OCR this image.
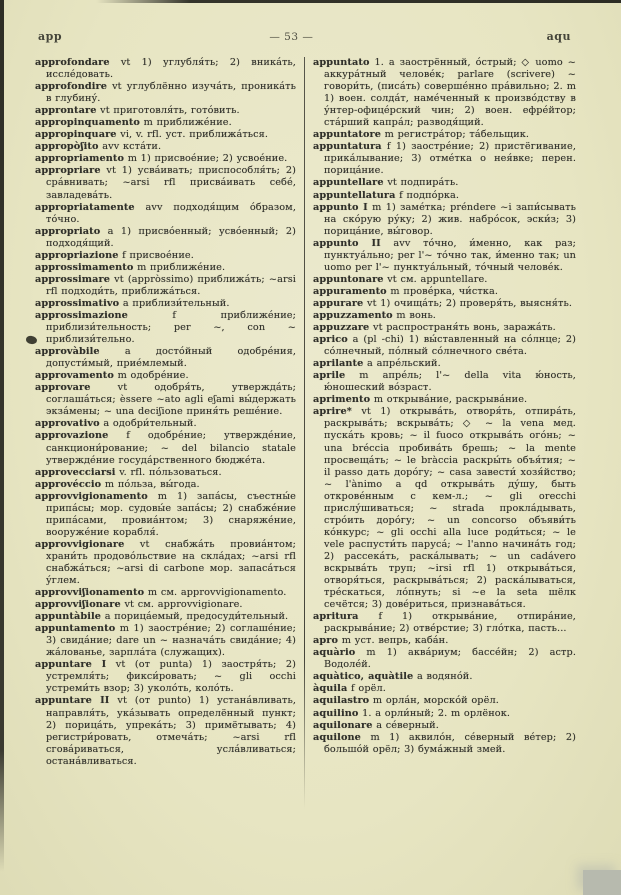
app	— 53 —	aqu

approfondare vt 1) углубля́ть; 2) вника́ть, иссле́довать.

approfondire vt углублённо изуча́ть, проника́ть в глубину́.

approntare vt приготовля́ть, гото́вить.

appropinquamento m приближе́ние.

appropinquare vi, v. rfl. уст. приближа́ться.

appropòʃito avv кста́ти.

appropriamento m 1) присвое́ние; 2) усвое́ние.

appropriare vt 1) усва́ивать; приспособля́ть; 2) сра́внивать; ~arsi rfl присва́ивать себе́, завладева́ть.

appropriatamente avv подходя́щим о́бразом, то́чно.

appropriato a 1) присво́енный; усво́енный; 2) подходя́щий.

appropriazione f присвое́ние.

approssimamento m приближе́ние.

approssimare vt (appròssimo) приближа́ть; ~arsi rfl подходи́ть, приближа́ться.

approssimativo a приблизи́тельный.

approssimazione f приближе́ние; приблизи́тельность; per ~, con ~ приблизи́тельно.

approvàbile a досто́йный одобре́ния, допусти́мый, прие́млемый.

approvamento m одобре́ние.

approvare vt одобря́ть, утвержда́ть; соглаша́ться; èssere ~ato agli eʃami вы́держать экза́мены; ~ una deciʃione приня́ть реше́ние.

approvativo a одобри́тельный.

approvazione f одобре́ние; утвержде́ние, санкциони́рование; ~ del bilancio statale утвержде́ние госуда́рственного бюдже́та.

approvecciarsi v. rfl. по́льзоваться.

approvéccio m по́льза, вы́года.

approvvigionamento m 1) запа́сы, съестны́е припа́сы; мор. судовы́е запа́сы; 2) снабже́ние припа́сами, провиа́нтом; 3) снаряже́ние, вооруже́ние корабля́.

approvvigionare vt снабжа́ть провиа́нтом; храни́ть продово́льствие на скла́дах; ~arsi rfl снабжа́ться; ~arsi di carbone мор. запаса́ться у́глем.

approvviʃionamento m см. approvvigionamento.

approvviʃionare vt см. approvvigionare.

appuntàbile a порица́емый, предосуди́тельный.

appuntamento m 1) заостре́ние; 2) соглаше́ние; 3) свида́ние; dare un ~ назнача́ть свида́ние; 4) жа́лованье, зарпла́та (служащих).

appuntare I vt (от punta) 1) заостря́ть; 2) устремля́ть; фикси́ровать; ~ gli occhi устреми́ть взор; 3) уколо́ть, коло́ть.

appuntare II vt (от punto) 1) устана́вливать, направля́ть, ука́зывать определённый пункт; 2) порица́ть, упрека́ть; 3) примётывать; 4) регистри́ровать, отмеча́ть; ~arsi rfl сгова́риваться, усла́вливаться; остана́вливаться.

appuntato 1. a заострённый, о́стрый; ◇ uomo ~ аккура́тный челове́к; parlare (scrivere) ~ говори́ть, (писа́ть) соверше́нно пра́вильно; 2. m 1) воен. солда́т, наме́ченный к произво́дству в у́нтер-офице́рский чин; 2) воен. ефре́йтор; ста́рший капра́л; разводя́щий.

appuntatore m регистра́тор; та́бельщик.

appuntatura f 1) заостре́ние; 2) пристёгивание, прика́лывание; 3) отме́тка о нея́вке; перен. порица́ние.

appuntellare vt подпира́ть.

appuntellatura f подпо́рка.

appunto I m 1) заме́тка; préndere ~i запи́сывать на ско́рую ру́ку; 2) жив. набро́сок, эски́з; 3) порица́ние, вы́говор.

appunto II avv то́чно, и́менно, как раз; пунктуа́льно; per l'~ то́чно так, и́менно так; un uomo per l'~ пунктуа́льный, то́чный челове́к.

appuntonare vt см. appuntellare.

appuramento m прове́рка, чи́стка.

appurare vt 1) очища́ть; 2) проверя́ть, выясня́ть.

appuzzamento m вонь.

appuzzare vt распространя́ть вонь, заража́ть.

aprico a (pl -chi) 1) вы́ставленный на со́лнце; 2) со́лнечный, по́лный со́лнечного све́та.

aprilante a апре́льский.

aprile m апре́ль; l'~ della vita ю́ность, ю́ношеский во́зраст.

aprimento m открыва́ние, раскрыва́ние.

aprire* vt 1) открыва́ть, отворя́ть, отпира́ть, раскрыва́ть; вскрыва́ть; ◇ ~ la vena мед. пуска́ть кровь; ~ il fuoco открыва́ть ого́нь; ~ una bréccia пробива́ть брешь; ~ la mente просвеща́ть; ~ le bràccia раскры́ть объя́тия; ~ il passo дать доро́гу; ~ casa завести́ хозя́йство; ~ l'ànimo a qd открыва́ть ду́шу, быть открове́нным с кем-л.; ~ gli orecchi прислу́шиваться; ~ strada прокла́дывать, стро́ить доро́гу; ~ un concorso объяви́ть ко́нкурс; ~ gli occhi alla luce роди́ться; ~ le vele распусти́ть паруса́; ~ l'anno начина́ть год; 2) рассека́ть, раска́лывать; ~ un cadávero вскрыва́ть труп; ~irsi rfl 1) открыва́ться, отворя́ться, раскрыва́ться; 2) раска́лываться, тре́скаться, ло́пнуть; si ~e la seta шёлк сечётся; 3) дове́риться, признава́ться.

apritura f 1) открыва́ние, отпира́ние, раскрыва́ние; 2) отве́рстие; 3) гло́тка, пасть...

apro m уст. вепрь, каба́н.

aquàrio m 1) аква́риум; бассе́йн; 2) астр. Водоле́й.

aquàtico, aquàtile a водяно́й.

àquila f орёл.

aquilastro m орла́н, морско́й орёл.

aquilino 1. a орли́ный; 2. m орлёнок.

aquilonare a се́верный.

aquilone m 1) аквило́н, се́верный ве́тер; 2) большо́й орёл; 3) бума́жный змей.
